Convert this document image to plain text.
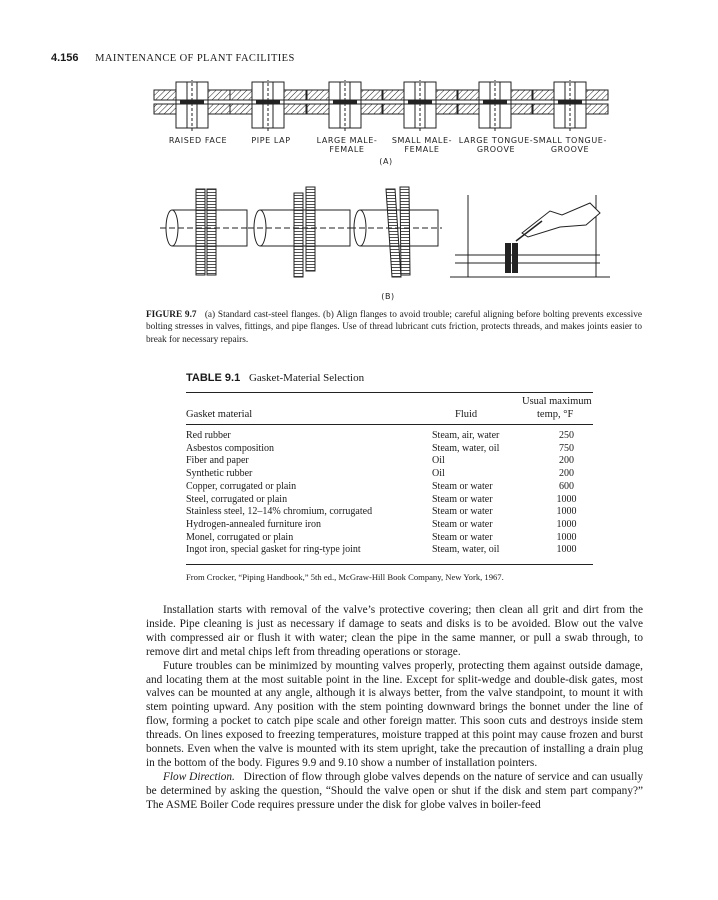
4.156 MAINTENANCE OF PLANT FACILITIES
RAISED FACE	PIPE LAP	LARGE MALE-
FEMALE
SMALL MALE-
FEMALE
LARGE TONGUE-
GROOVE
SMALL TONGUE-
GROOVE
(A)
(B)
FIGURE 9.7 (a) Standard cast-steel flanges. (b) Align flanges to avoid trouble; careful aligning before bolting prevents excessive bolting stresses in valves, fittings, and pipe flanges. Use of thread lubricant cuts friction, protects threads, and makes joints easier to break for necessary repairs.
TABLE 9.1 Gasket-Material Selection
Usual maximum
Gasket material	Fluid	temp, °F
Red rubber	Steam, air, water	250
Asbestos composition	Steam, water, oil	750
Fiber and paper	Oil	200
Synthetic rubber	Oil	200
Copper, corrugated or plain	Steam or water	600
Steel, corrugated or plain	Steam or water	1000
Stainless steel, 12–14% chromium, corrugated	Steam or water	1000
Hydrogen-annealed furniture iron	Steam or water	1000
Monel, corrugated or plain	Steam or water	1000
Ingot iron, special gasket for ring-type joint	Steam, water, oil	1000
From Crocker, “Piping Handbook,” 5th ed., McGraw-Hill Book Company, New York, 1967.

Installation starts with removal of the valve’s protective covering; then clean all grit and dirt from the inside. Pipe cleaning is just as necessary if damage to seats and disks is to be avoided. Blow out the valve with compressed air or flush it with water; clean the pipe in the same manner, or pull a swab through, to remove dirt and metal chips left from threading operations or storage.

Future troubles can be minimized by mounting valves properly, protecting them against outside damage, and locating them at the most suitable point in the line. Except for split-wedge and double-disk gates, most valves can be mounted at any angle, although it is always better, from the valve standpoint, to mount it with stem pointing upward. Any position with the stem pointing downward brings the bonnet under the line of flow, forming a pocket to catch pipe scale and other foreign matter. This soon cuts and destroys inside stem threads. On lines exposed to freezing temperatures, moisture trapped at this point may cause frozen and burst bonnets. Even when the valve is mounted with its stem upright, take the precaution of installing a drain plug in the bottom of the body. Figures 9.9 and 9.10 show a number of installation pointers.

Flow Direction. Direction of flow through globe valves depends on the nature of service and can usually be determined by asking the question, “Should the valve open or shut if the disk and stem part company?” The ASME Boiler Code requires pressure under the disk for globe valves in boiler-feed
